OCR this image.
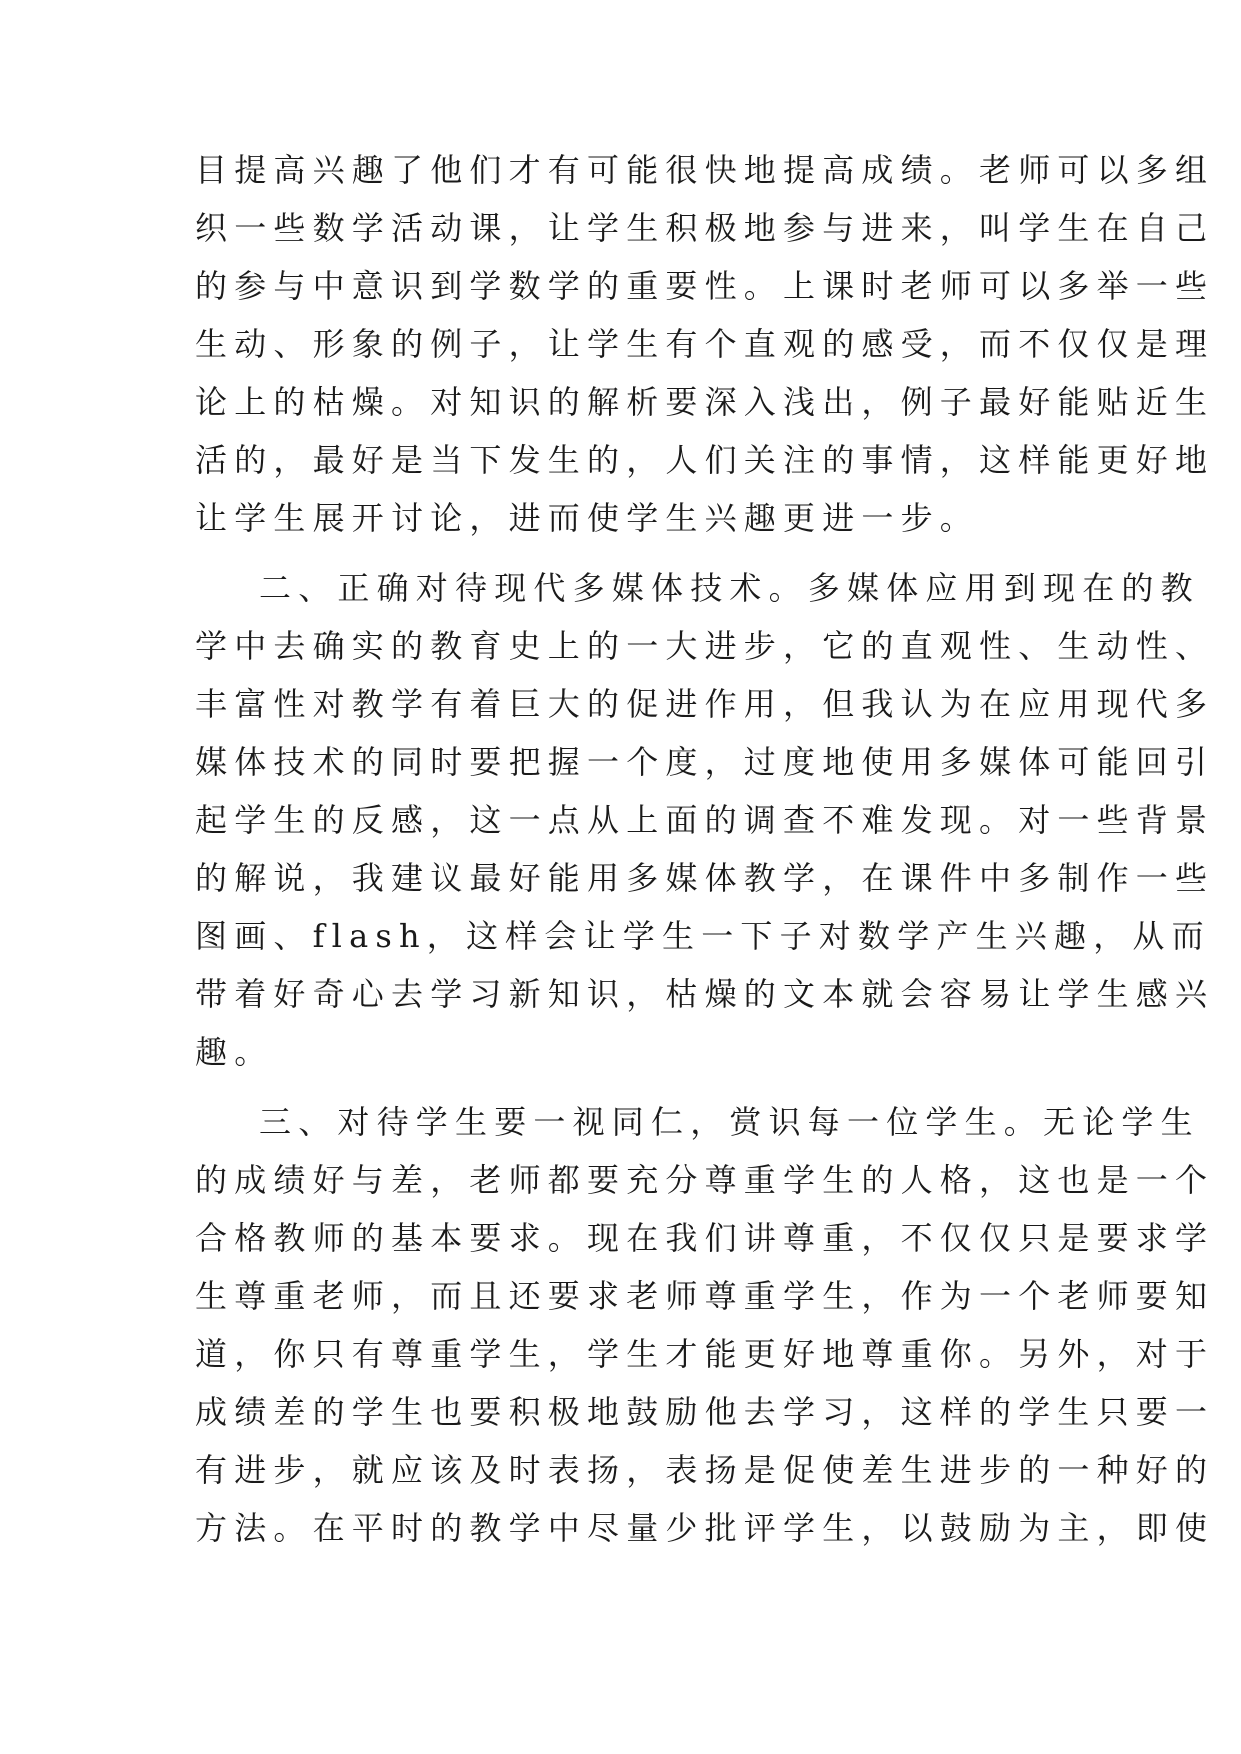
目提高兴趣了他们才有可能很快地提高成绩。老师可以多组

织一些数学活动课，让学生积极地参与进来，叫学生在自己

的参与中意识到学数学的重要性。上课时老师可以多举一些

生动、形象的例子，让学生有个直观的感受，而不仅仅是理

论上的枯燥。对知识的解析要深入浅出，例子最好能贴近生

活的，最好是当下发生的，人们关注的事情，这样能更好地

让学生展开讨论，进而使学生兴趣更进一步。

二、正确对待现代多媒体技术。多媒体应用到现在的教

学中去确实的教育史上的一大进步，它的直观性、生动性、

丰富性对教学有着巨大的促进作用，但我认为在应用现代多

媒体技术的同时要把握一个度，过度地使用多媒体可能回引

起学生的反感，这一点从上面的调查不难发现。对一些背景

的解说，我建议最好能用多媒体教学，在课件中多制作一些

图画、flash，这样会让学生一下子对数学产生兴趣，从而

带着好奇心去学习新知识，枯燥的文本就会容易让学生感兴

趣。

三、对待学生要一视同仁，赏识每一位学生。无论学生

的成绩好与差，老师都要充分尊重学生的人格，这也是一个

合格教师的基本要求。现在我们讲尊重，不仅仅只是要求学

生尊重老师，而且还要求老师尊重学生，作为一个老师要知

道，你只有尊重学生，学生才能更好地尊重你。另外，对于

成绩差的学生也要积极地鼓励他去学习，这样的学生只要一

有进步，就应该及时表扬，表扬是促使差生进步的一种好的

方法。在平时的教学中尽量少批评学生，以鼓励为主，即使
